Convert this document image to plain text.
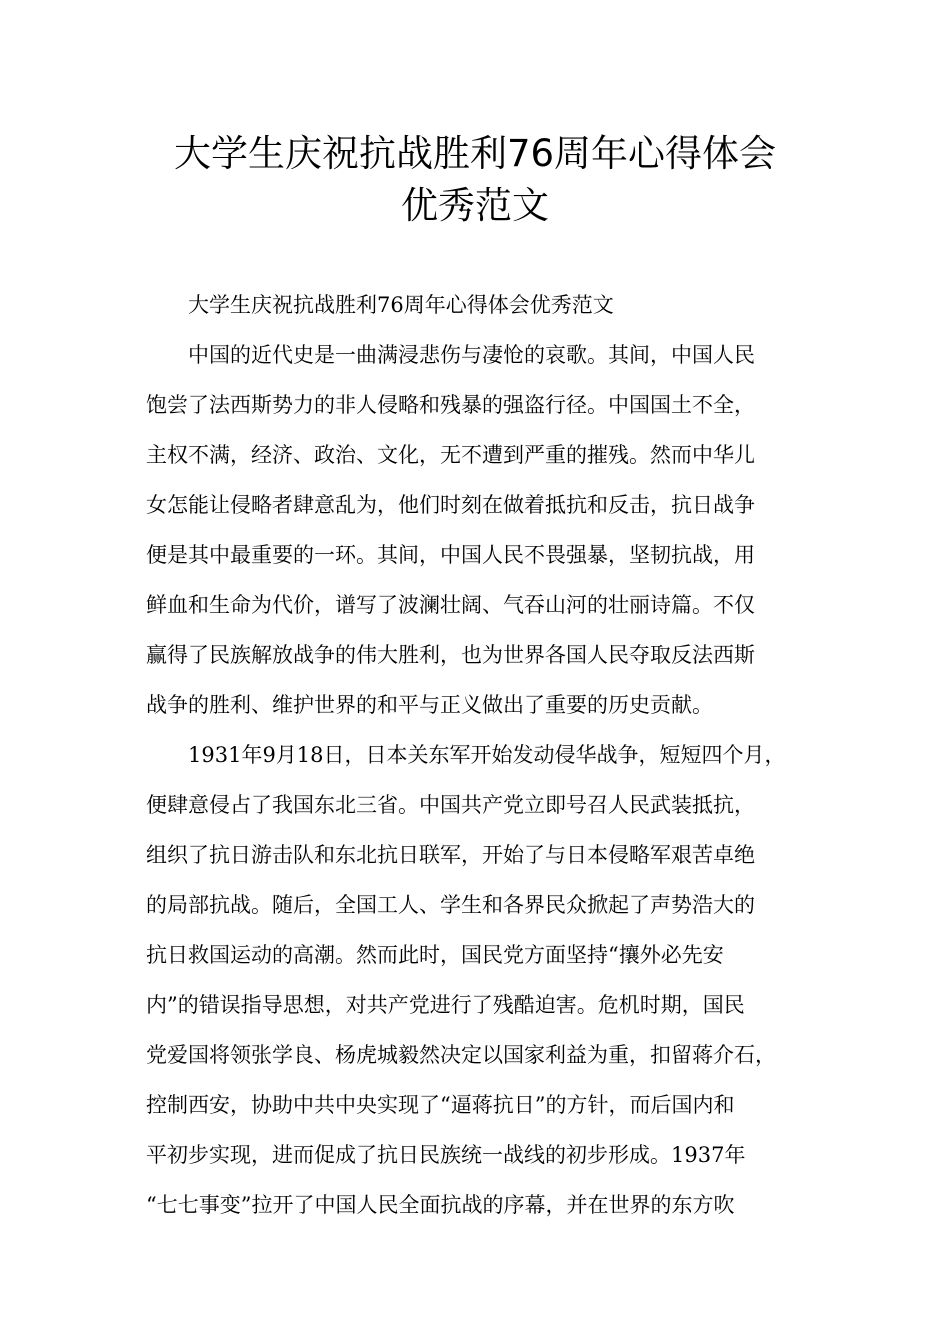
大学生庆祝抗战胜利76周年心得体会
优秀范文
大学生庆祝抗战胜利76周年心得体会优秀范文
中国的近代史是一曲满浸悲伤与凄怆的哀歌。其间，中国人民
饱尝了法西斯势力的非人侵略和残暴的强盗行径。中国国土不全，
主权不满，经济、政治、文化，无不遭到严重的摧残。然而中华儿
女怎能让侵略者肆意乱为，他们时刻在做着抵抗和反击，抗日战争
便是其中最重要的一环。其间，中国人民不畏强暴，坚韧抗战，用
鲜血和生命为代价，谱写了波澜壮阔、气吞山河的壮丽诗篇。不仅
赢得了民族解放战争的伟大胜利，也为世界各国人民夺取反法西斯
战争的胜利、维护世界的和平与正义做出了重要的历史贡献。
1931年9月18日，日本关东军开始发动侵华战争，短短四个月，
便肆意侵占了我国东北三省。中国共产党立即号召人民武装抵抗，
组织了抗日游击队和东北抗日联军，开始了与日本侵略军艰苦卓绝
的局部抗战。随后，全国工人、学生和各界民众掀起了声势浩大的
抗日救国运动的高潮。然而此时，国民党方面坚持“攘外必先安
内”的错误指导思想，对共产党进行了残酷迫害。危机时期，国民
党爱国将领张学良、杨虎城毅然决定以国家利益为重，扣留蒋介石，
控制西安，协助中共中央实现了“逼蒋抗日”的方针，而后国内和
平初步实现，进而促成了抗日民族统一战线的初步形成。1937年
“七七事变”拉开了中国人民全面抗战的序幕，并在世界的东方吹
